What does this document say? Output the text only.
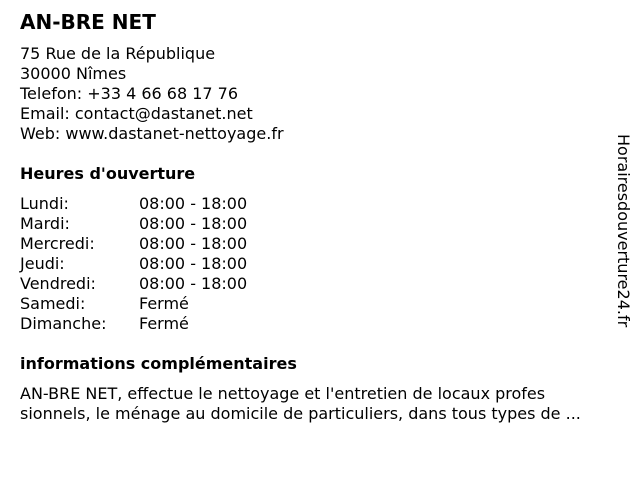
AN-BRE NET
75 Rue de la République
30000 Nîmes
Telefon: +33 4 66 68 17 76
Email: contact@dastanet.net
Web: www.dastanet-nettoyage.fr
Heures d'ouverture
Lundi:	08:00 - 18:00
Mardi:	08:00 - 18:00
Mercredi:	08:00 - 18:00
Jeudi:	08:00 - 18:00
Vendredi:	08:00 - 18:00
Samedi:	Fermé
Dimanche:	Fermé
informations complémentaires
AN-BRE NET, effectue le nettoyage et l'entretien de locaux profes
sionnels, le ménage au domicile de particuliers, dans tous types de ...
Horairesdouverture24.fr
